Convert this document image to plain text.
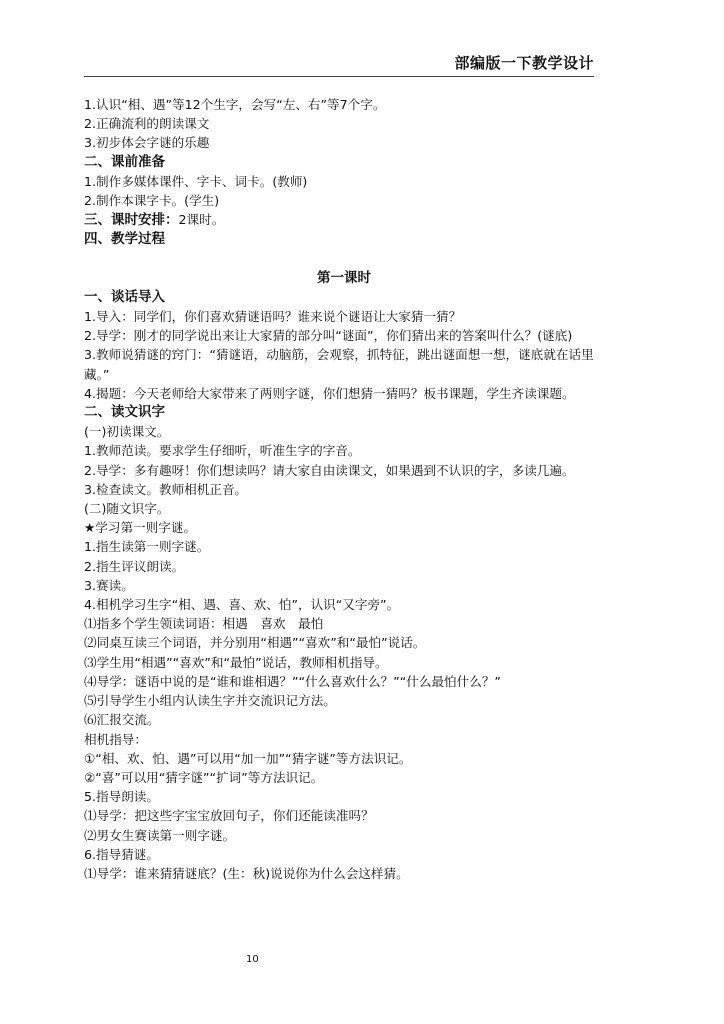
部编版一下教学设计
1.认识“相、遇”等12个生字，会写“左、右”等7个字。
2.正确流利的朗读课文
3.初步体会字谜的乐趣
二、课前准备
1.制作多媒体课件、字卡、词卡。(教师)
2.制作本课字卡。(学生)
三、课时安排：2课时。
四、教学过程
第一课时
一、谈话导入
1.导入：同学们，你们喜欢猜谜语吗？谁来说个谜语让大家猜一猜？
2.导学：刚才的同学说出来让大家猜的部分叫“谜面”，你们猜出来的答案叫什么？(谜底)
3.教师说猜谜的窍门：“猜谜语，动脑筋，会观察，抓特征，跳出谜面想一想，谜底就在话里藏。”
4.揭题：今天老师给大家带来了两则字谜，你们想猜一猜吗？板书课题，学生齐读课题。
二、读文识字
(一)初读课文。
1.教师范读。要求学生仔细听，听准生字的字音。
2.导学：多有趣呀！你们想读吗？请大家自由读课文，如果遇到不认识的字，多读几遍。
3.检查读文。教师相机正音。
(二)随文识字。
★学习第一则字谜。
1.指生读第一则字谜。
2.指生评议朗读。
3.赛读。
4.相机学习生字“相、遇、喜、欢、怕”，认识“又字旁”。
⑴指多个学生领读词语：相遇　喜欢　最怕
⑵同桌互读三个词语，并分别用“相遇”“喜欢”和“最怕”说话。
⑶学生用“相遇”“喜欢”和“最怕”说话，教师相机指导。
⑷导学：谜语中说的是“谁和谁相遇？”“什么喜欢什么？”“什么最怕什么？”
⑸引导学生小组内认读生字并交流识记方法。
⑹汇报交流。
相机指导：
①“相、欢、怕、遇”可以用“加一加”“猜字谜”等方法识记。
②“喜”可以用“猜字谜”“扩词”等方法识记。
5.指导朗读。
⑴导学：把这些字宝宝放回句子，你们还能读准吗？
⑵男女生赛读第一则字谜。
6.指导猜谜。
⑴导学：谁来猜猜谜底？(生：秋)说说你为什么会这样猜。
10
